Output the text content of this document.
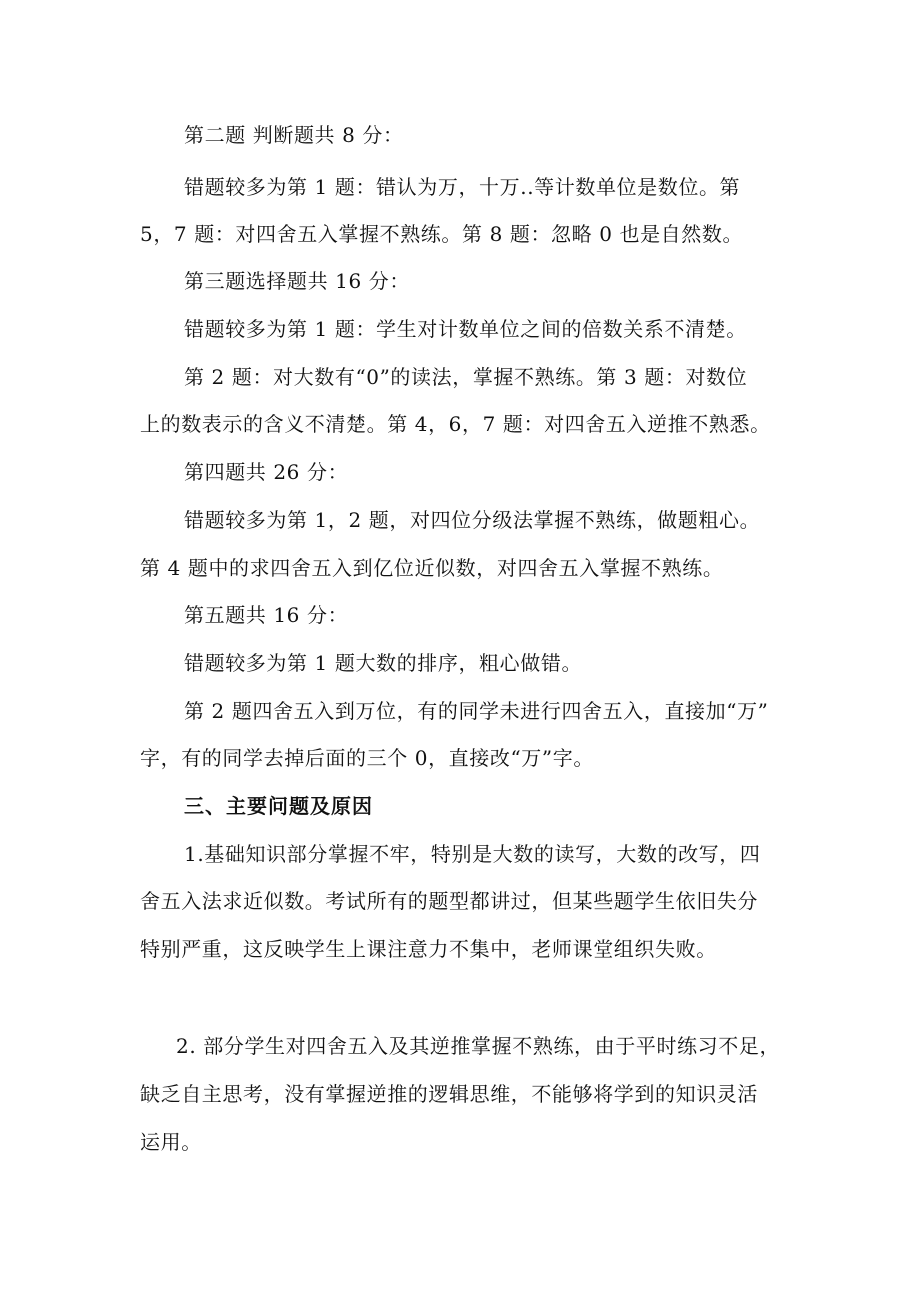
第二题 判断题共 8 分：
错题较多为第 1 题：错认为万，十万..等计数单位是数位。第
5，7 题：对四舍五入掌握不熟练。第 8 题：忽略 0 也是自然数。
第三题选择题共 16 分：
错题较多为第 1 题：学生对计数单位之间的倍数关系不清楚。
第 2 题：对大数有“0”的读法，掌握不熟练。第 3 题：对数位
上的数表示的含义不清楚。第 4，6，7 题：对四舍五入逆推不熟悉。
第四题共 26 分：
错题较多为第 1，2 题，对四位分级法掌握不熟练，做题粗心。
第 4 题中的求四舍五入到亿位近似数，对四舍五入掌握不熟练。
第五题共 16 分：
错题较多为第 1 题大数的排序，粗心做错。
第 2 题四舍五入到万位，有的同学未进行四舍五入，直接加“万”
字，有的同学去掉后面的三个 0，直接改“万”字。
三、主要问题及原因
1.基础知识部分掌握不牢，特别是大数的读写，大数的改写，四
舍五入法求近似数。考试所有的题型都讲过，但某些题学生依旧失分
特别严重，这反映学生上课注意力不集中，老师课堂组织失败。
2. 部分学生对四舍五入及其逆推掌握不熟练，由于平时练习不足，
缺乏自主思考，没有掌握逆推的逻辑思维，不能够将学到的知识灵活
运用。
